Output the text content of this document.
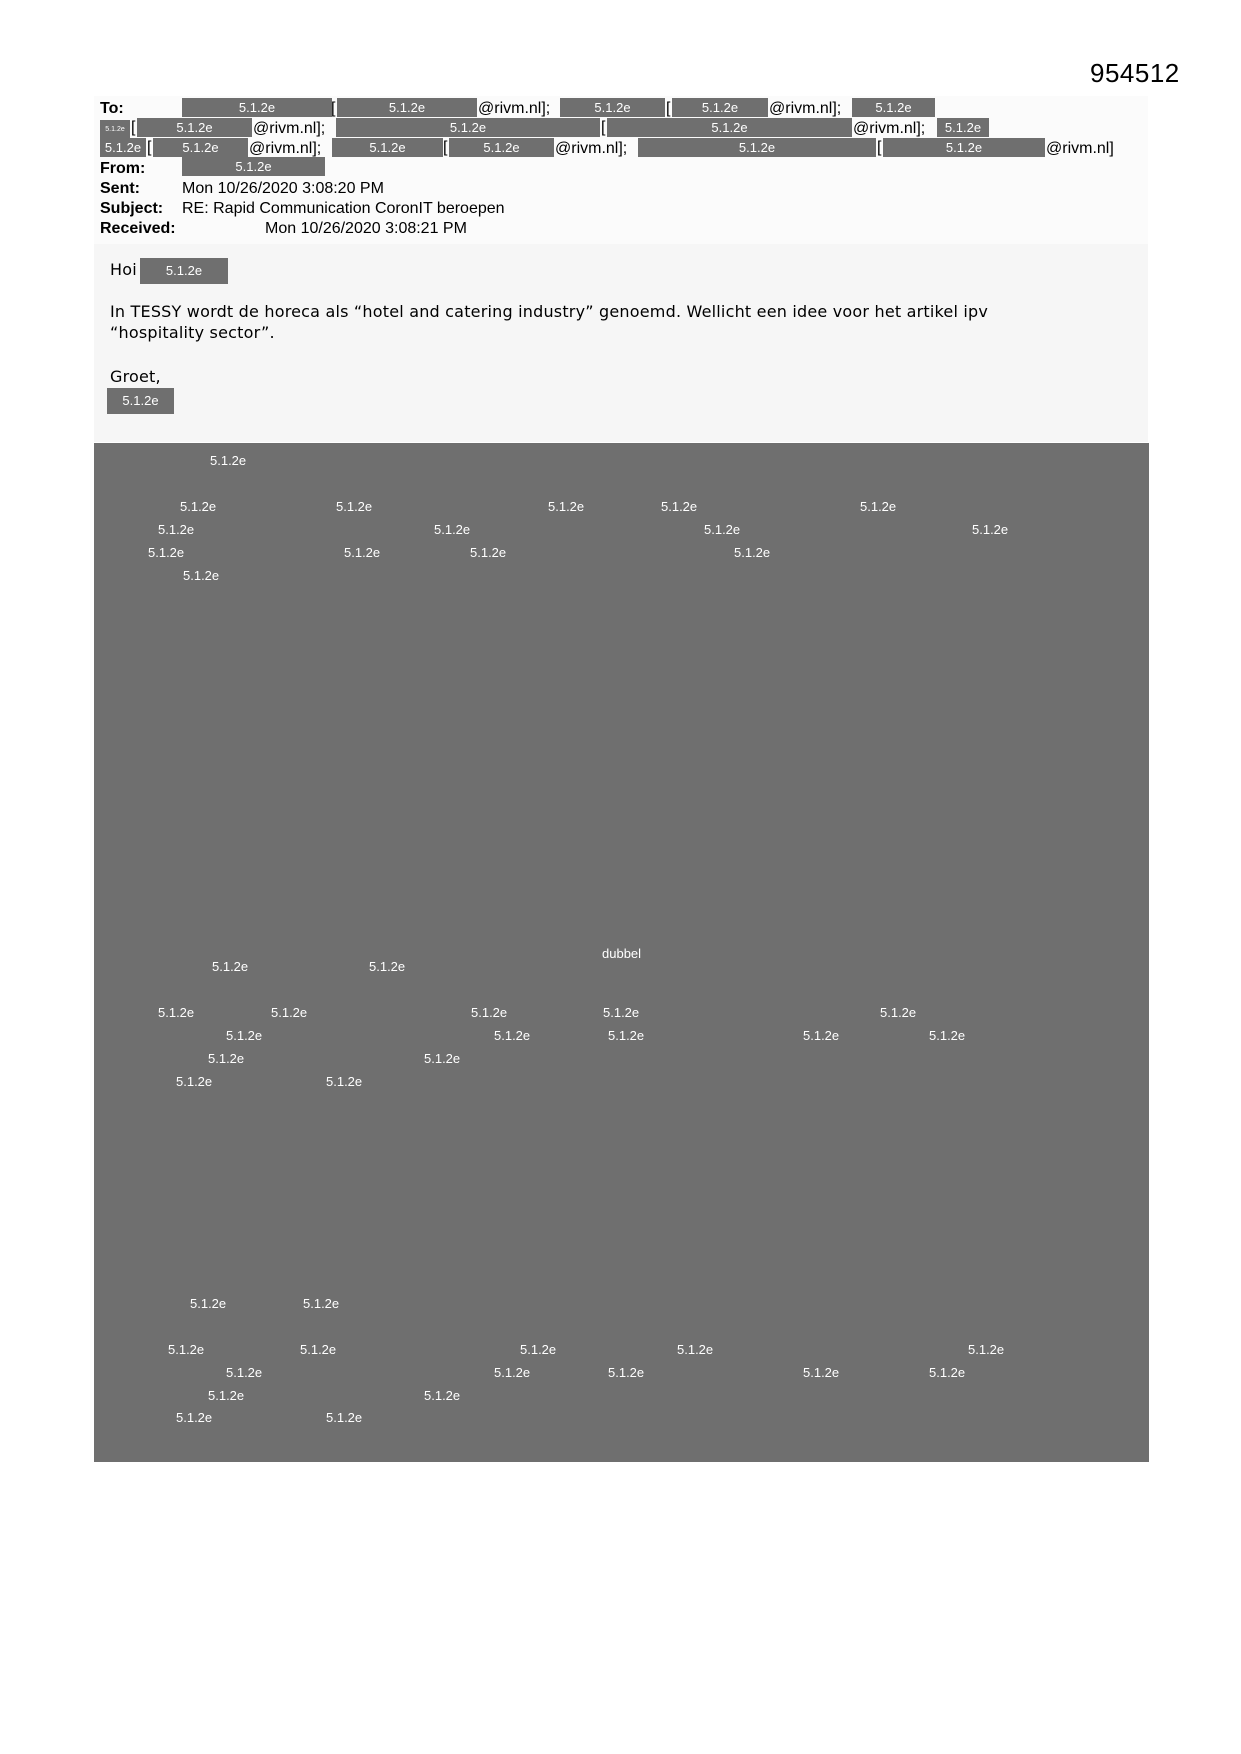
954512
To:	5.1.2e	[	5.1.2e	@rivm.nl];	5.1.2e	[	5.1.2e	@rivm.nl];	5.1.2e
5.1.2e [	5.1.2e	@rivm.nl];	5.1.2e	[	5.1.2e	@rivm.nl];	5.1.2e
5.1.2e [	5.1.2e	@rivm.nl];	5.1.2e	[	5.1.2e	@rivm.nl];	5.1.2e	[	5.1.2e	@rivm.nl]
From:	5.1.2e
Sent:	Mon 10/26/2020 3:08:20 PM
Subject: RE: Rapid Communication CoronIT beroepen
Received:	Mon 10/26/2020 3:08:21 PM
Hoi	5.1.2e
In TESSY wordt de horeca als “hotel and catering industry” genoemd. Wellicht een idee voor het artikel ipv
“hospitality sector”.
Groet,
5.1.2e
5.1.2e
5.1.2e	5.1.2e	5.1.2e	5.1.2e	5.1.2e
5.1.2e	5.1.2e	5.1.2e	5.1.2e
5.1.2e	5.1.2e	5.1.2e	5.1.2e
5.1.2e
dubbel
5.1.2e	5.1.2e
5.1.2e	5.1.2e	5.1.2e	5.1.2e	5.1.2e
5.1.2e	5.1.2e	5.1.2e	5.1.2e	5.1.2e
5.1.2e	5.1.2e
5.1.2e	5.1.2e
5.1.2e	5.1.2e
5.1.2e	5.1.2e	5.1.2e	5.1.2e	5.1.2e
5.1.2e	5.1.2e	5.1.2e	5.1.2e	5.1.2e
5.1.2e	5.1.2e
5.1.2e	5.1.2e
